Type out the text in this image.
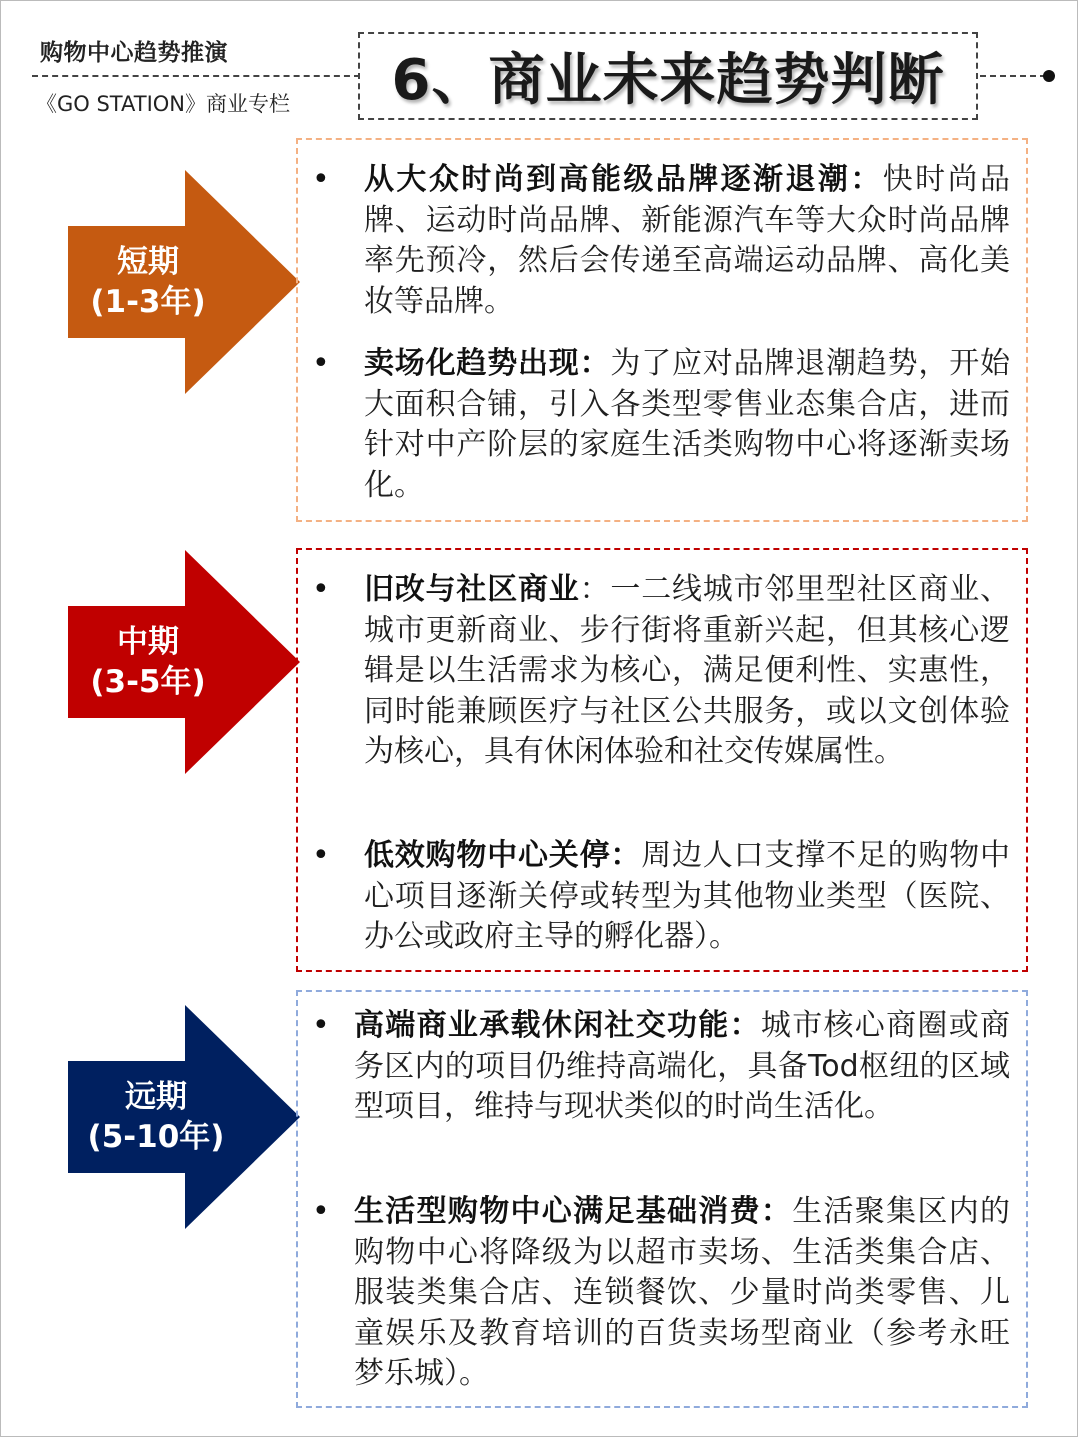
购物中心趋势推演
《GO STATION》商业专栏 6、商业未来趋势判断
短期
(1-3年)
• 从大众时尚到高能级品牌逐渐退潮：快时尚品牌、运动时尚品牌、新能源汽车等大众时尚品牌率先预冷，然后会传递至高端运动品牌、高化美妆等品牌。
• 卖场化趋势出现：为了应对品牌退潮趋势，开始大面积合铺，引入各类型零售业态集合店，进而针对中产阶层的家庭生活类购物中心将逐渐卖场化。
中期
(3-5年)
• 旧改与社区商业：一二线城市邻里型社区商业、城市更新商业、步行街将重新兴起，但其核心逻辑是以生活需求为核心，满足便利性、实惠性，同时能兼顾医疗与社区公共服务，或以文创体验为核心，具有休闲体验和社交传媒属性。
• 低效购物中心关停：周边人口支撑不足的购物中心项目逐渐关停或转型为其他物业类型（医院、办公或政府主导的孵化器）。
远期
(5-10年)
• 高端商业承载休闲社交功能：城市核心商圈或商务区内的项目仍维持高端化，具备Tod枢纽的区域型项目，维持与现状类似的时尚生活化。
• 生活型购物中心满足基础消费：生活聚集区内的购物中心将降级为以超市卖场、生活类集合店、服装类集合店、连锁餐饮、少量时尚类零售、儿童娱乐及教育培训的百货卖场型商业（参考永旺梦乐城）。
